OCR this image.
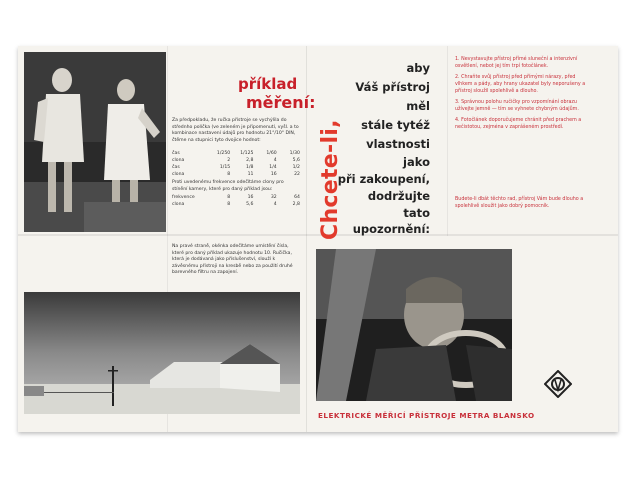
příklad
měření:
Za předpokladu, že ručka přístroje se vychýlila do střednho políčka (ve zeleném je připomenutí, vyšl. a to kombinace nastavení údajů pro hodnotu 21°/10° DIN, čtěme na stupnici tyto dvojice hodnot:
čas	1/250	1/125	1/60	1/30
clona	2	2,8	4	5,6
čas	1/15	1/8	1/4	1/2
clona	8	11	16	22
Proti uvedenému frekvence odečítáme clony pro stínění kamery, které pro daný příklad jsou:
frekvence	8	16	32	64
clona	8	5,6	4	2,8
Na pravé straně, okénka odečítáme umístění čísla, které pro daný příklad ukazuje hodnotu 10. Ručička, která je dodávaná jako příslušenství, slouží k závěsnému přístroji na kresbě nebo za použití druhé barevného filtru na zapojení.
Chcete-li,
aby
Váš přístroj
měl
stále tytéž
vlastnosti
jako
při zakoupení,
dodržujte
tato
upozornění:

1. Nevystavujte přístroj přímé sluneční a intenzivní osvětlení, nebot jej tím trpí fotočlánek.

2. Chraňte svůj přístroj před přímými nárazy, před vlhkem a pády, aby hrany ukazatel byly neporušeny a přístroj sloužil spolehlivě a dlouho.

3. Správnou polohu ručičky pro vzpomínání obrazu užívejte jemně — tím se vyhnete chybným údajům.

4. Fotočlánek doporučujeme chránit před prachem a nečistotou, zejména v zaprášeném prostředí.

Budete-li dbát těchto rad, přístroj Vám bude dlouho a spolehlivě sloužit jako dobrý pomocník.
ELEKTRICKÉ MĚŘICÍ PŘÍSTROJE METRA BLANSKO
